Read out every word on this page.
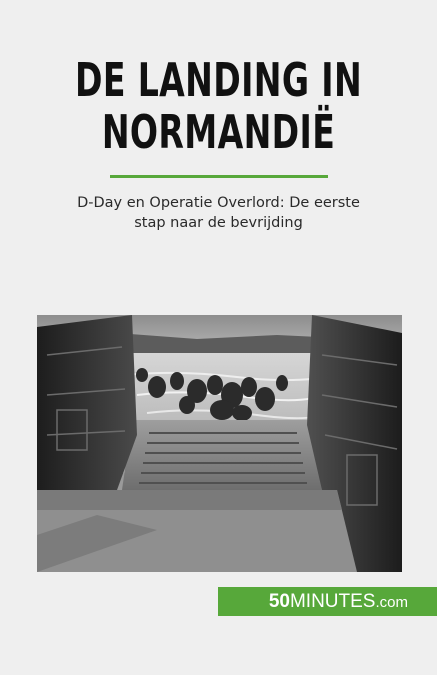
DE LANDING IN
NORMANDIË
D-Day en Operatie Overlord: De eerste
stap naar de bevrijding
50MINUTES.com
